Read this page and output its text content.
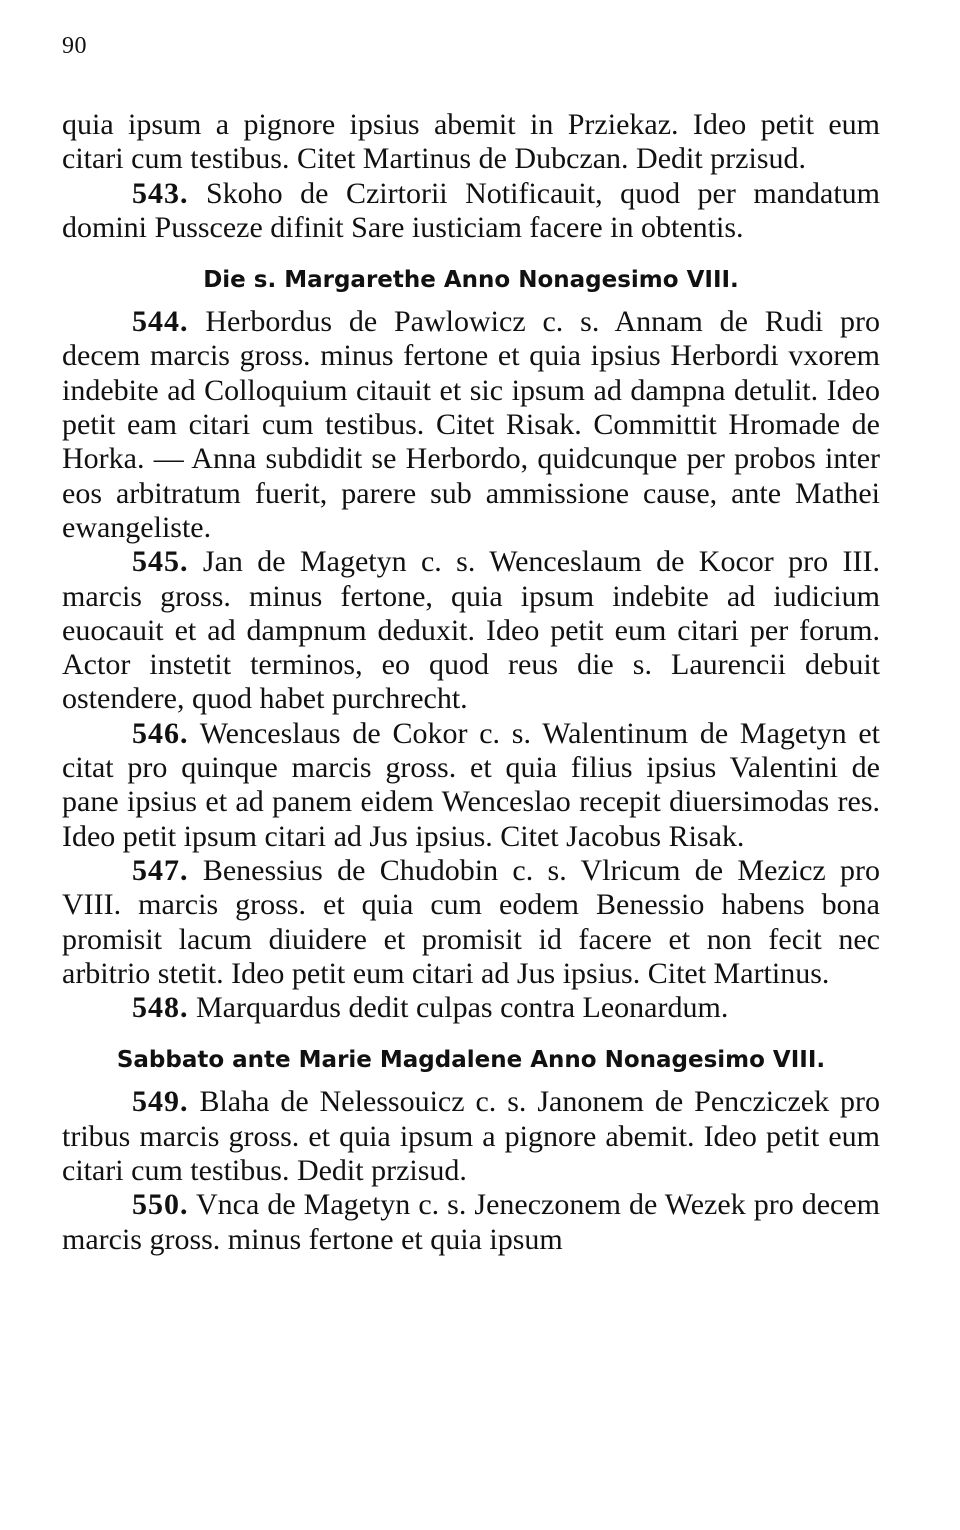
90

quia ipsum a pignore ipsius abemit in Prziekaz. Ideo petit eum citari cum testibus. Citet Martinus de Dubczan. Dedit przisud.

543. Skoho de Czirtorii Notificauit, quod per mandatum domini Pussceze difinit Sare iusticiam facere in obtentis.

Die s. Margarethe Anno Nonagesimo VIII.

544. Herbordus de Pawlowicz c. s. Annam de Rudi pro decem marcis gross. minus fertone et quia ipsius Herbordi vxorem indebite ad Colloquium citauit et sic ipsum ad dampna detulit. Ideo petit eam citari cum testibus. Citet Risak. Committit Hromade de Horka. — Anna subdidit se Herbordo, quidcunque per probos inter eos arbitratum fuerit, parere sub ammissione cause, ante Mathei ewangeliste.

545. Jan de Magetyn c. s. Wenceslaum de Kocor pro III. marcis gross. minus fertone, quia ipsum indebite ad iudicium euocauit et ad dampnum deduxit. Ideo petit eum citari per forum. Actor instetit terminos, eo quod reus die s. Laurencii debuit ostendere, quod habet purchrecht.

546. Wenceslaus de Cokor c. s. Walentinum de Magetyn et citat pro quinque marcis gross. et quia filius ipsius Valentini de pane ipsius et ad panem eidem Wenceslao recepit diuersimodas res. Ideo petit ipsum citari ad Jus ipsius. Citet Jacobus Risak.

547. Benessius de Chudobin c. s. Vlricum de Mezicz pro VIII. marcis gross. et quia cum eodem Benessio habens bona promisit lacum diuidere et promisit id facere et non fecit nec arbitrio stetit. Ideo petit eum citari ad Jus ipsius. Citet Martinus.

548. Marquardus dedit culpas contra Leonardum.

Sabbato ante Marie Magdalene Anno Nonagesimo VIII.

549. Blaha de Nelessouicz c. s. Janonem de Pencziczek pro tribus marcis gross. et quia ipsum a pignore abemit. Ideo petit eum citari cum testibus. Dedit przisud.

550. Vnca de Magetyn c. s. Jeneczonem de Wezek pro decem marcis gross. minus fertone et quia ipsum
